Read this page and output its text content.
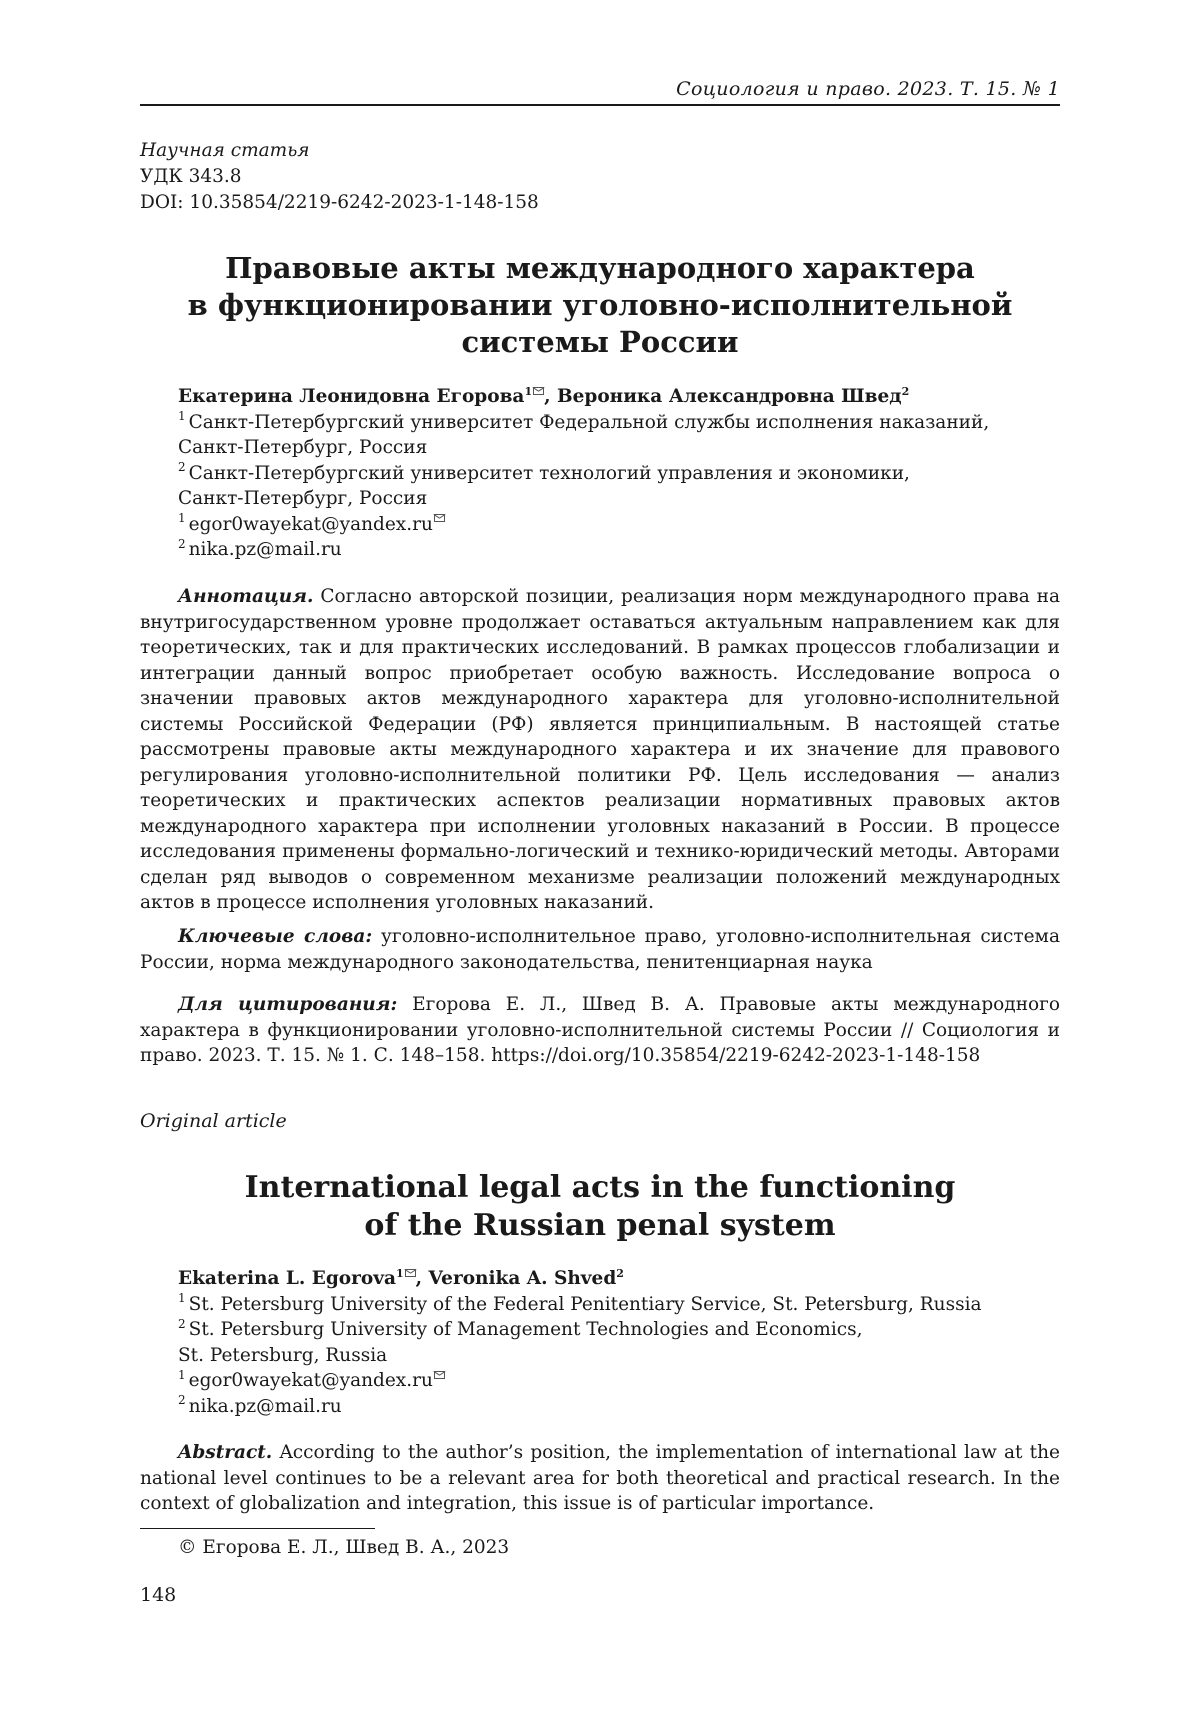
Социология и право. 2023. Т. 15. № 1
Научная статья
УДК 343.8
DOI: 10.35854/2219-6242-2023-1-148-158
Правовые акты международного характера
в функционировании уголовно-исполнительной
системы России
Екатерина Леонидовна Егорова$^1$ , Вероника Александровна Швед$^2$
$^1$ Санкт-Петербургский университет Федеральной службы исполнения наказаний,
Санкт-Петербург, Россия
$^2$ Санкт-Петербургский университет технологий управления и экономики,
Санкт-Петербург, Россия
$^1$ egor0wayekat@yandex.ru
$^2$ nika.pz@mail.ru
Аннотация. Согласно авторской позиции, реализация норм международного права на внутригосударственном уровне продолжает оставаться актуальным направлением как для теоретических, так и для практических исследований. В рамках процессов глобализации и интеграции данный вопрос приобретает особую важность. Исследование вопроса о значении правовых актов международного характера для уголовно-исполнительной системы Российской Федерации (РФ) является принципиальным. В настоящей статье рассмотрены правовые акты международного характера и их значение для правового регулирования уголовно-исполнительной политики РФ. Цель исследования — анализ теоретических и практических аспектов реализации нормативных правовых актов международного характера при исполнении уголовных наказаний в России. В процессе исследования применены формально-логический и технико-юридический методы. Авторами сделан ряд выводов о современном механизме реализации положений международных актов в процессе исполнения уголовных наказаний.
Ключевые слова: уголовно-исполнительное право, уголовно-исполнительная система России, норма международного законодательства, пенитенциарная наука
Для цитирования: Егорова Е. Л., Швед В. А. Правовые акты международного характера в функционировании уголовно-исполнительной системы России // Социология и право. 2023. Т. 15. № 1. С. 148–158. https://doi.org/10.35854/2219-6242-2023-1-148-158
Original article
International legal acts in the functioning
of the Russian penal system
Ekaterina L. Egorova$^1$ , Veronika A. Shved$^2$
$^1$ St. Petersburg University of the Federal Penitentiary Service, St. Petersburg, Russia
$^2$ St. Petersburg University of Management Technologies and Economics,
St. Petersburg, Russia
$^1$ egor0wayekat@yandex.ru
$^2$ nika.pz@mail.ru
Abstract. According to the author’s position, the implementation of international law at the national level continues to be a relevant area for both theoretical and practical research. In the context of globalization and integration, this issue is of particular importance.
© Егорова Е. Л., Швед В. А., 2023
148
